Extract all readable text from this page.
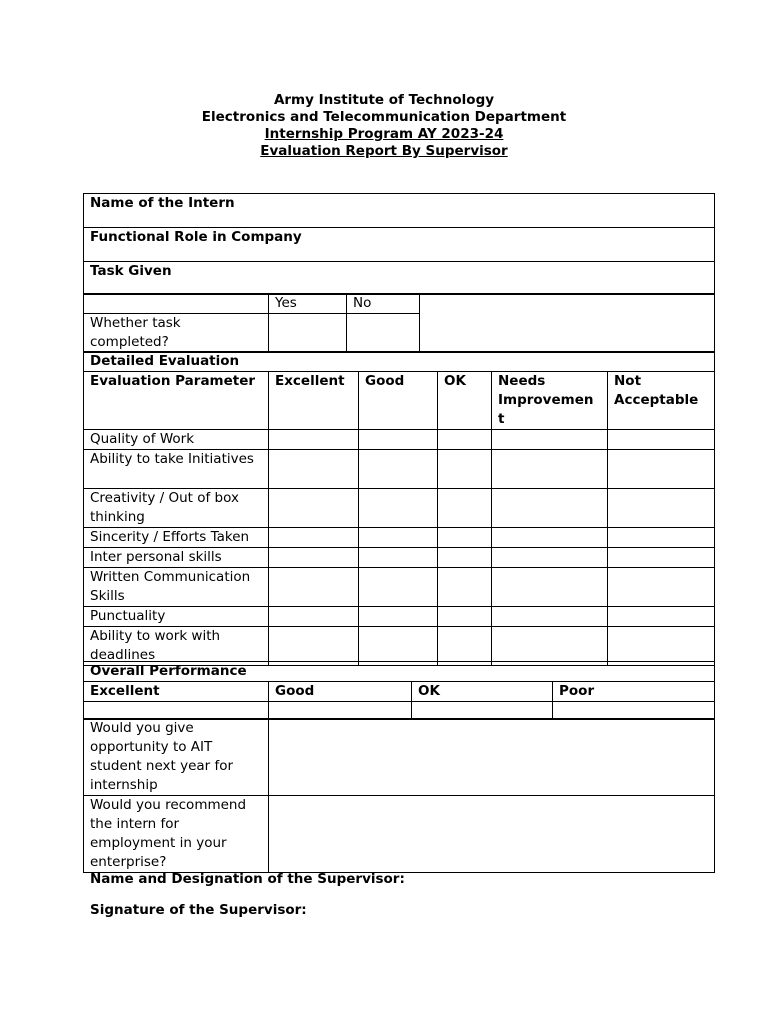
Army Institute of Technology
Electronics and Telecommunication Department
Internship Program AY 2023-24
Evaluation Report By Supervisor
Name of the Intern
Functional Role in Company
Task Given
	Yes	No	
Whether task completed?			
Detailed Evaluation					
Evaluation Parameter	Excellent	Good	OK	Needs Improvemen t	Not Acceptable
Quality of Work					
Ability to take Initiatives					
Creativity / Out of box thinking					
Sincerity / Efforts Taken					
Inter personal skills					
Written Communication Skills					
Punctuality					
Ability to work with deadlines					
Overall Performance			
Excellent	Good	OK	Poor

Would you give opportunity to AIT student next year for internship	
Would you recommend the intern for employment in your enterprise?	
Name and Designation of the Supervisor:
Signature of the Supervisor:
